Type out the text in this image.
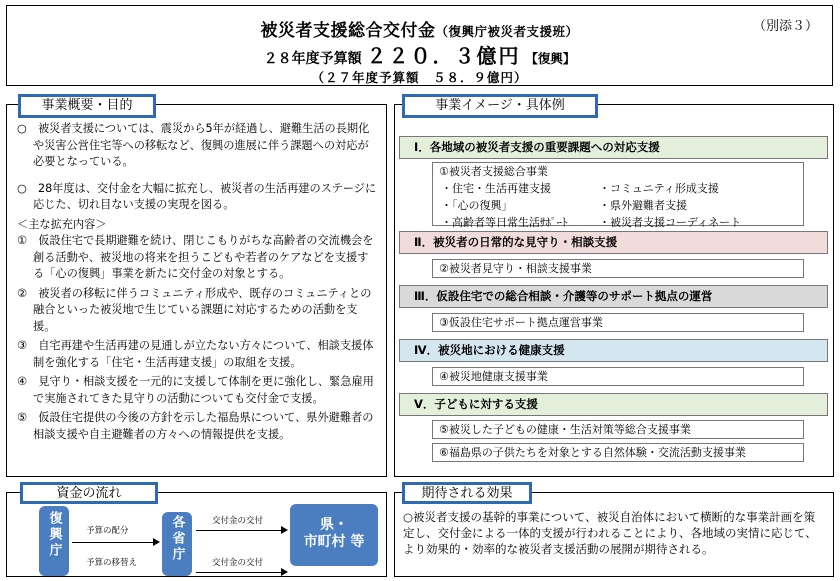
被災者支援総合交付金（復興庁被災者支援班）
２８年度予算額 ２２０．３億円 【復興】
（２７年度予算額　５８．９億円）
（別添３）

○　被災者支援については、震災から5年が経過し、避難生活の長期化や災害公営住宅等への移転など、復興の進展に伴う課題への対応が必要となっている。

○　28年度は、交付金を大幅に拡充し、被災者の生活再建のステージに応じた、切れ目ない支援の実現を図る。

＜主な拡充内容＞

①　仮設住宅で長期避難を続け、閉じこもりがちな高齢者の交流機会を創る活動や、被災地の将来を担うこどもや若者のケアなどを支援する「心の復興」事業を新たに交付金の対象とする。

②　被災者の移転に伴うコミュニティ形成や、既存のコミュニティとの融合といった被災地で生じている課題に対応するための活動を支援。

③　自宅再建や生活再建の見通しが立たない方々について、相談支援体制を強化する「住宅・生活再建支援」の取組を支援。

④　見守り・相談支援を一元的に支援して体制を更に強化し、緊急雇用で実施されてきた見守りの活動についても交付金で支援。

⑤　仮設住宅提供の今後の方針を示した福島県について、県外避難者の相談支援や自主避難者の方々への情報提供を支援。

事業概要・目的	事業イメージ・具体例
Ⅰ．各地域の被災者支援の重要課題への対応支援
①被災者支援総合事業
・住宅・生活再建支援	・コミュニティ形成支援
・「心の復興」	・県外避難者支援
・高齢者等日常生活ｻﾎﾟｰﾄ	・被災者支援コーディネート
Ⅱ．被災者の日常的な見守り・相談支援
②被災者見守り・相談支援事業
Ⅲ．仮設住宅での総合相談・介護等のサポート拠点の運営
③仮設住宅サポート拠点運営事業
Ⅳ．被災地における健康支援
④被災地健康支援事業
Ⅴ．子どもに対する支援
⑤被災した子どもの健康・生活対策等総合支援事業
⑥福島県の子供たちを対象とする自然体験・交流活動支援事業
資金の流れ
復興庁	各省庁	県・
市町村 等
予算の配分
予算の移替え
交付金の交付
交付金の交付
○被災者支援の基幹的事業について、被災自治体において横断的な事業計画を策定し、交付金による一体的支援が行われることにより、各地域の実情に応じて、より効果的・効率的な被災者支援活動の展開が期待される。
期待される効果
